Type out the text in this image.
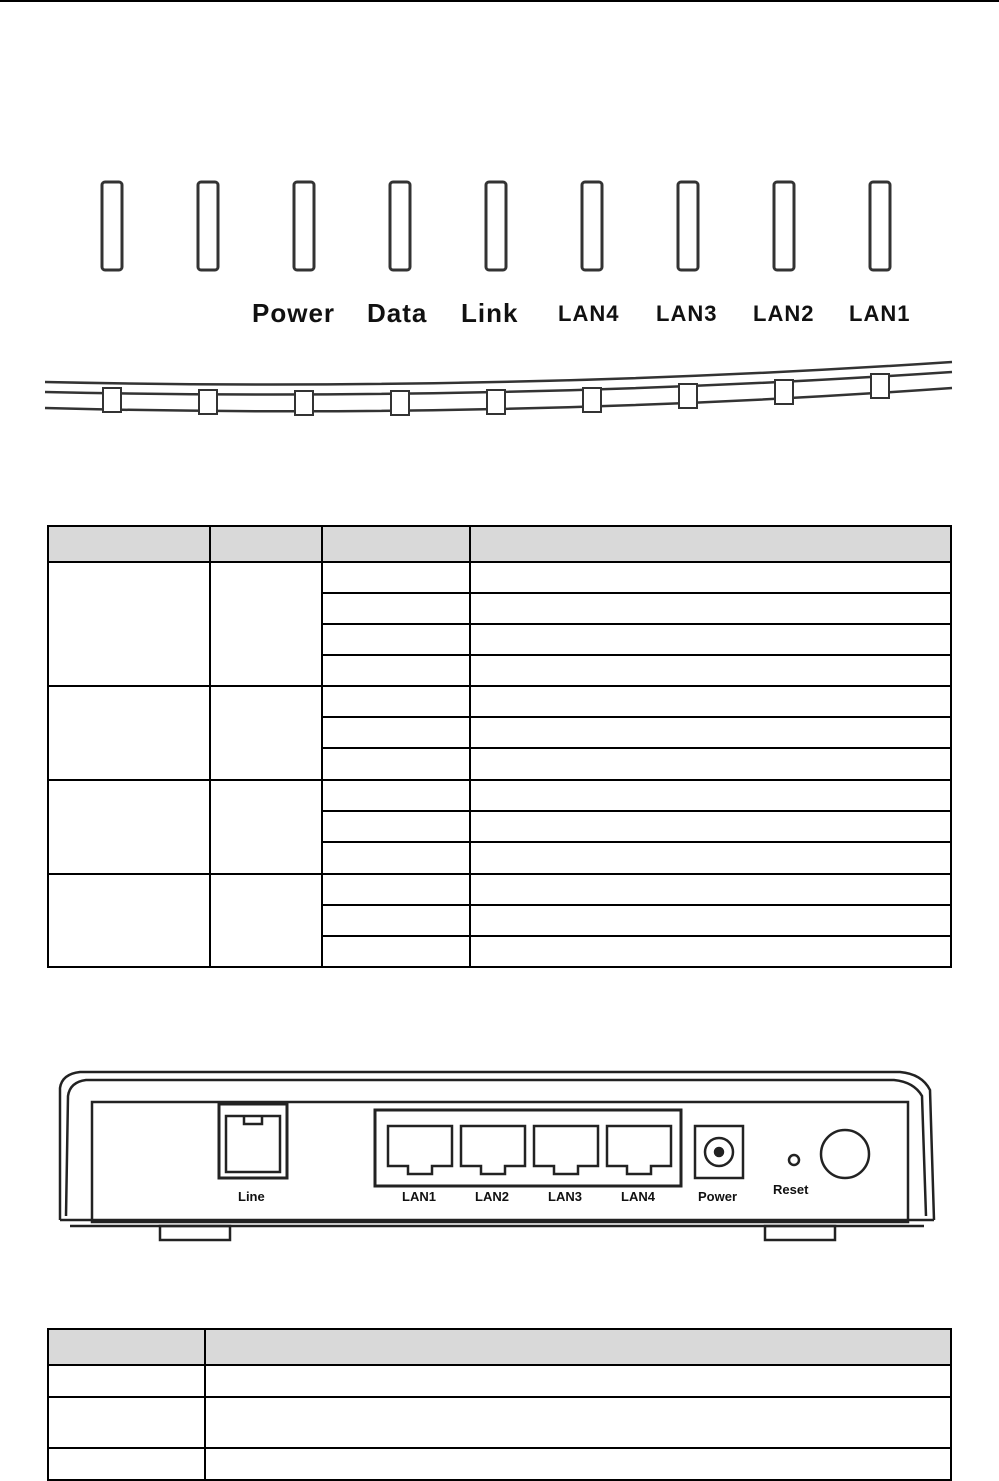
Power Data Link LAN4 LAN3 LAN2 LAN1

Line	LAN1	LAN2	LAN3	LAN4	Power	Reset
